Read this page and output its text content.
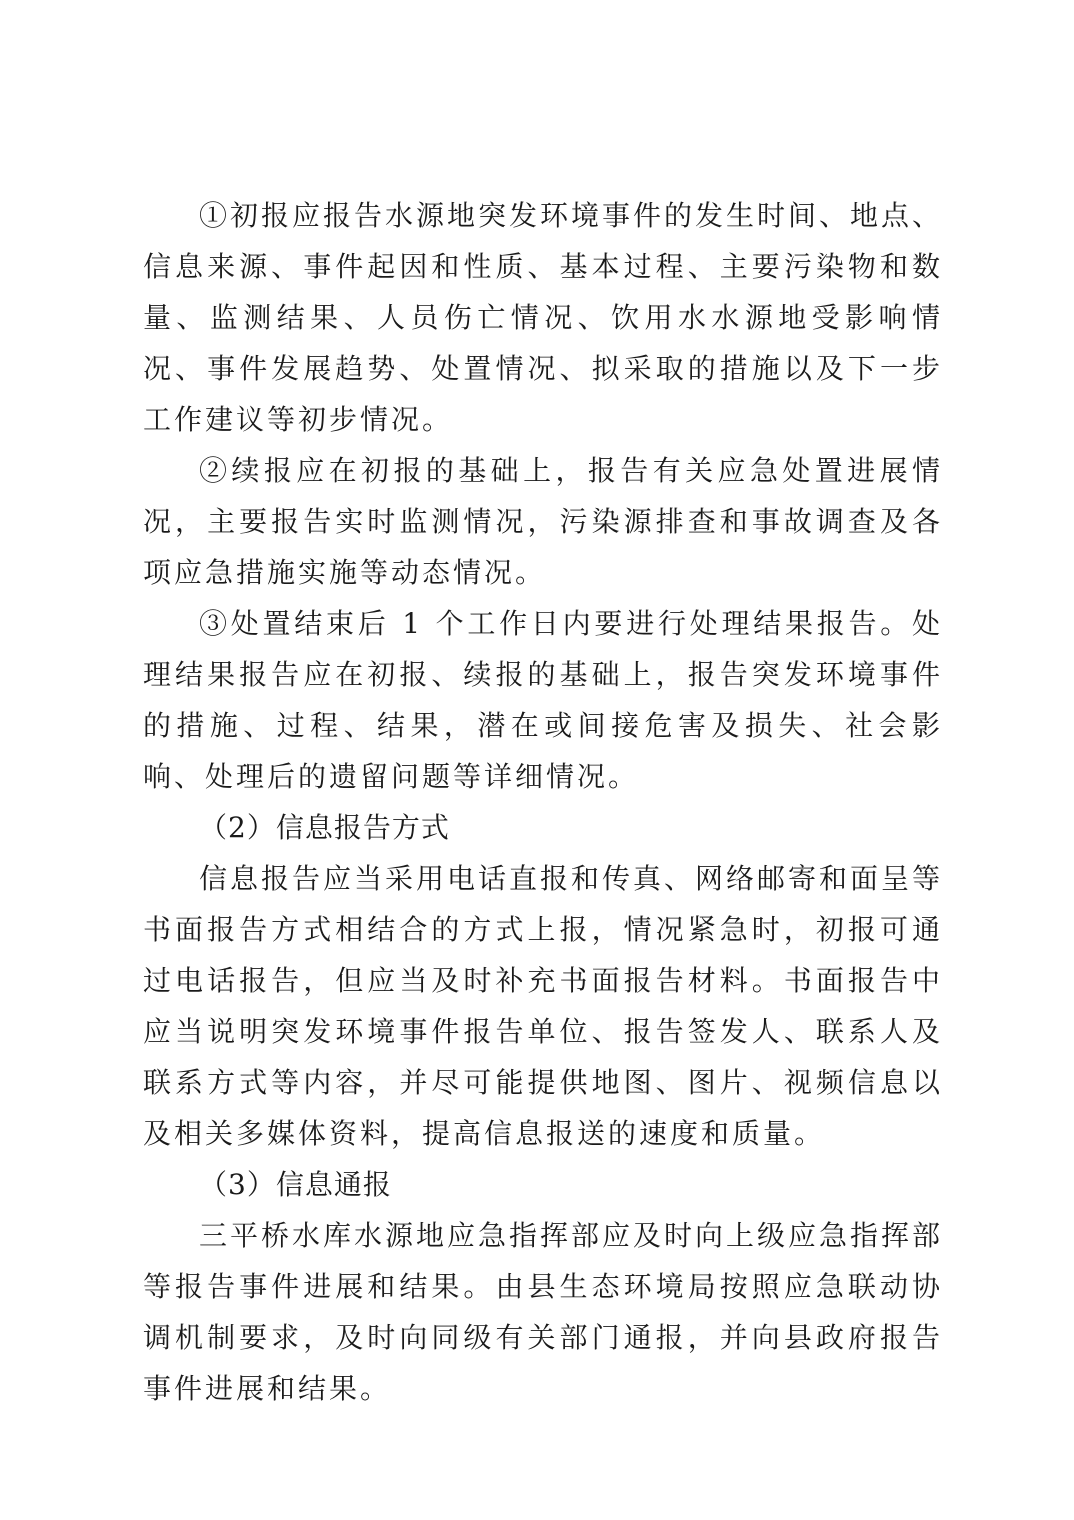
①初报应报告水源地突发环境事件的发生时间、地点、信息来源、事件起因和性质、基本过程、主要污染物和数量、监测结果、人员伤亡情况、饮用水水源地受影响情况、事件发展趋势、处置情况、拟采取的措施以及下一步工作建议等初步情况。

②续报应在初报的基础上，报告有关应急处置进展情况，主要报告实时监测情况，污染源排查和事故调查及各项应急措施实施等动态情况。

③处置结束后 1 个工作日内要进行处理结果报告。处理结果报告应在初报、续报的基础上，报告突发环境事件的措施、过程、结果，潜在或间接危害及损失、社会影响、处理后的遗留问题等详细情况。

（2）信息报告方式

信息报告应当采用电话直报和传真、网络邮寄和面呈等书面报告方式相结合的方式上报，情况紧急时，初报可通过电话报告，但应当及时补充书面报告材料。书面报告中应当说明突发环境事件报告单位、报告签发人、联系人及联系方式等内容，并尽可能提供地图、图片、视频信息以及相关多媒体资料，提高信息报送的速度和质量。

（3）信息通报

三平桥水库水源地应急指挥部应及时向上级应急指挥部等报告事件进展和结果。由县生态环境局按照应急联动协调机制要求，及时向同级有关部门通报，并向县政府报告事件进展和结果。
